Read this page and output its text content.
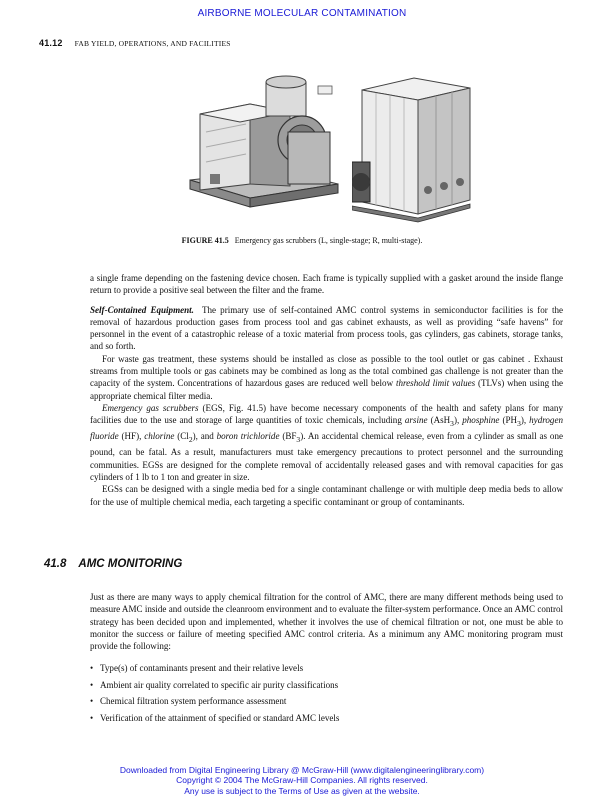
AIRBORNE MOLECULAR CONTAMINATION
41.12 FAB YIELD, OPERATIONS, AND FACILITIES
FIGURE 41.5 Emergency gas scrubbers (L, single-stage; R, multi-stage).

a single frame depending on the fastening device chosen. Each frame is typically supplied with a gasket around the inside flange return to provide a positive seal between the filter and the frame.

Self-Contained Equipment. The primary use of self-contained AMC control systems in semiconductor facilities is for the removal of hazardous production gases from process tool and gas cabinet exhausts, as well as providing “safe havens” for personnel in the event of a catastrophic release of a toxic material from process tools, gas cylinders, gas cabinets, storage tanks, and so forth.

For waste gas treatment, these systems should be installed as close as possible to the tool outlet or gas cabinet . Exhaust streams from multiple tools or gas cabinets may be combined as long as the total combined gas challenge is not greater than the capacity of the system. Concentrations of hazardous gases are reduced well below threshold limit values (TLVs) when using the appropriate chemical filter media.

Emergency gas scrubbers (EGS, Fig. 41.5) have become necessary components of the health and safety plans for many facilities due to the use and storage of large quantities of toxic chemicals, including arsine (AsH$_3$), phosphine $(PH_3)$, hydrogen fluoride (HF), chlorine $(Cl_2)$, and boron trichloride $(BF_3)$. An accidental chemical release, even from a cylinder as small as one pound, can be fatal. As a result, manufacturers must take emergency precautions to protect personnel and the surrounding communities. EGSs are designed for the complete removal of accidentally released gases and with removal capacities for gas cylinders of 1 lb to 1 ton and greater in size.

EGSs can be designed with a single media bed for a single contaminant challenge or with multiple deep media beds to allow for the use of multiple chemical media, each targeting a specific contaminant or group of contaminants.

41.8 AMC MONITORING

Just as there are many ways to apply chemical filtration for the control of AMC, there are many different methods being used to measure AMC inside and outside the cleanroom environment and to evaluate the filter-system performance. Once an AMC control strategy has been decided upon and implemented, whether it involves the use of chemical filtration or not, one must be able to monitor the success or failure of meeting specified AMC control criteria. As a minimum any AMC monitoring program must provide the following:

• Type(s) of contaminants present and their relative levels
• Ambient air quality correlated to specific air purity classifications
• Chemical filtration system performance assessment
• Verification of the attainment of specified or standard AMC levels
Downloaded from Digital Engineering Library @ McGraw-Hill (www.digitalengineeringlibrary.com)
Copyright © 2004 The McGraw-Hill Companies. All rights reserved.
Any use is subject to the Terms of Use as given at the website.
